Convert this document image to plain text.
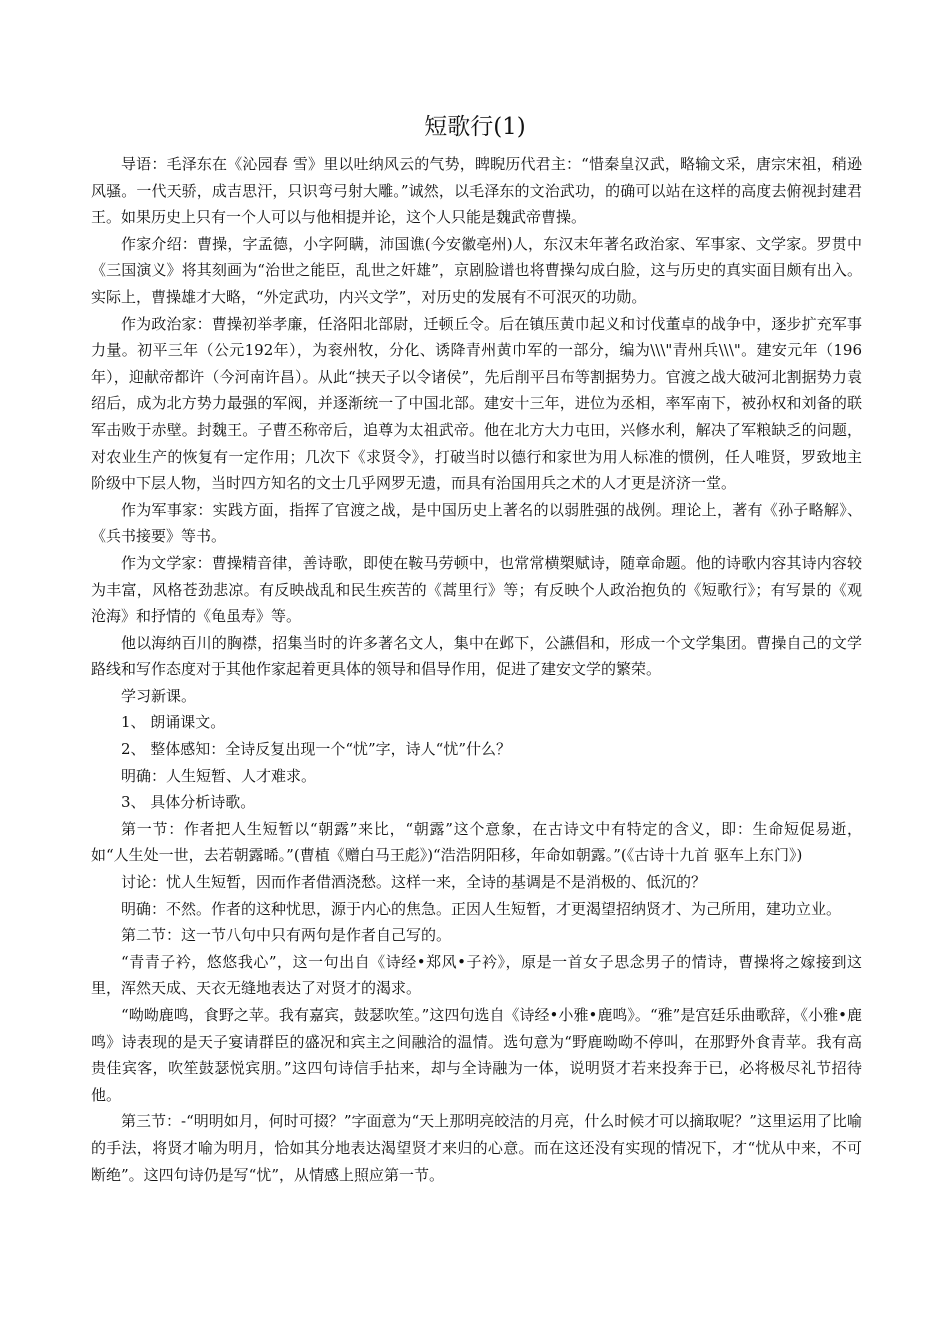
短歌行(1)

导语：毛泽东在《沁园春 雪》里以吐纳风云的气势，睥睨历代君主：“惜秦皇汉武，略输文采，唐宗宋祖，稍逊风骚。一代天骄，成吉思汗，只识弯弓射大雕。”诚然，以毛泽东的文治武功，的确可以站在这样的高度去俯视封建君王。如果历史上只有一个人可以与他相提并论，这个人只能是魏武帝曹操。

作家介绍：曹操，字孟德，小字阿瞒，沛国谯(今安徽亳州)人，东汉末年著名政治家、军事家、文学家。罗贯中《三国演义》将其刻画为“治世之能臣，乱世之奸雄”，京剧脸谱也将曹操勾成白脸，这与历史的真实面目颇有出入。实际上，曹操雄才大略，“外定武功，内兴文学”，对历史的发展有不可泯灭的功勋。

作为政治家：曹操初举孝廉，任洛阳北部尉，迁顿丘令。后在镇压黄巾起义和讨伐董卓的战争中，逐步扩充军事力量。初平三年（公元192年），为衮州牧，分化、诱降青州黄巾军的一部分，编为\\\"青州兵\\\"。建安元年（196年），迎献帝都许（今河南许昌）。从此“挟天子以令诸侯”，先后削平吕布等割据势力。官渡之战大破河北割据势力袁绍后，成为北方势力最强的军阀，并逐渐统一了中国北部。建安十三年，进位为丞相，率军南下，被孙权和刘备的联军击败于赤壁。封魏王。子曹丕称帝后，追尊为太祖武帝。他在北方大力屯田，兴修水利，解决了军粮缺乏的问题，对农业生产的恢复有一定作用；几次下《求贤令》，打破当时以德行和家世为用人标准的惯例，任人唯贤，罗致地主阶级中下层人物，当时四方知名的文士几乎网罗无遗，而具有治国用兵之术的人才更是济济一堂。

作为军事家：实践方面，指挥了官渡之战，是中国历史上著名的以弱胜强的战例。理论上，著有《孙子略解》、《兵书接要》等书。

作为文学家：曹操精音律，善诗歌，即使在鞍马劳顿中，也常常横槊赋诗，随章命题。他的诗歌内容其诗内容较为丰富，风格苍劲悲凉。有反映战乱和民生疾苦的《蒿里行》等；有反映个人政治抱负的《短歌行》；有写景的《观沧海》和抒情的《龟虽寿》等。

他以海纳百川的胸襟，招集当时的许多著名文人，集中在邺下，公讌倡和，形成一个文学集团。曹操自己的文学路线和写作态度对于其他作家起着更具体的领导和倡导作用，促进了建安文学的繁荣。

学习新课。

1、 朗诵课文。

2、 整体感知：全诗反复出现一个“忧”字，诗人“忧”什么？

明确：人生短暂、人才难求。

3、 具体分析诗歌。

第一节：作者把人生短暂以“朝露”来比，“朝露”这个意象，在古诗文中有特定的含义，即：生命短促易逝，如“人生处一世，去若朝露晞。”(曹植《赠白马王彪》)“浩浩阴阳移，年命如朝露。”(《古诗十九首 驱车上东门》)

讨论：忧人生短暂，因而作者借酒浇愁。这样一来，全诗的基调是不是消极的、低沉的？

明确：不然。作者的这种忧思，源于内心的焦急。正因人生短暂，才更渴望招纳贤才、为己所用，建功立业。

第二节：这一节八句中只有两句是作者自己写的。

“青青子衿，悠悠我心”，这一句出自《诗经•郑风•子衿》，原是一首女子思念男子的情诗，曹操将之嫁接到这里，浑然天成、天衣无缝地表达了对贤才的渴求。

“呦呦鹿鸣，食野之苹。我有嘉宾，鼓瑟吹笙。”这四句选自《诗经•小雅•鹿鸣》。“雅”是宫廷乐曲歌辞，《小雅•鹿鸣》诗表现的是天子宴请群臣的盛况和宾主之间融洽的温情。选句意为“野鹿呦呦不停叫，在那野外食青苹。我有高贵佳宾客，吹笙鼓瑟悦宾朋。”这四句诗信手拈来，却与全诗融为一体，说明贤才若来投奔于已，必将极尽礼节招待他。

第三节：-“明明如月，何时可掇？”字面意为“天上那明亮皎洁的月亮，什么时候才可以摘取呢？”这里运用了比喻的手法，将贤才喻为明月，恰如其分地表达渴望贤才来归的心意。而在这还没有实现的情况下，才“忧从中来，不可断绝”。这四句诗仍是写“忧”，从情感上照应第一节。
